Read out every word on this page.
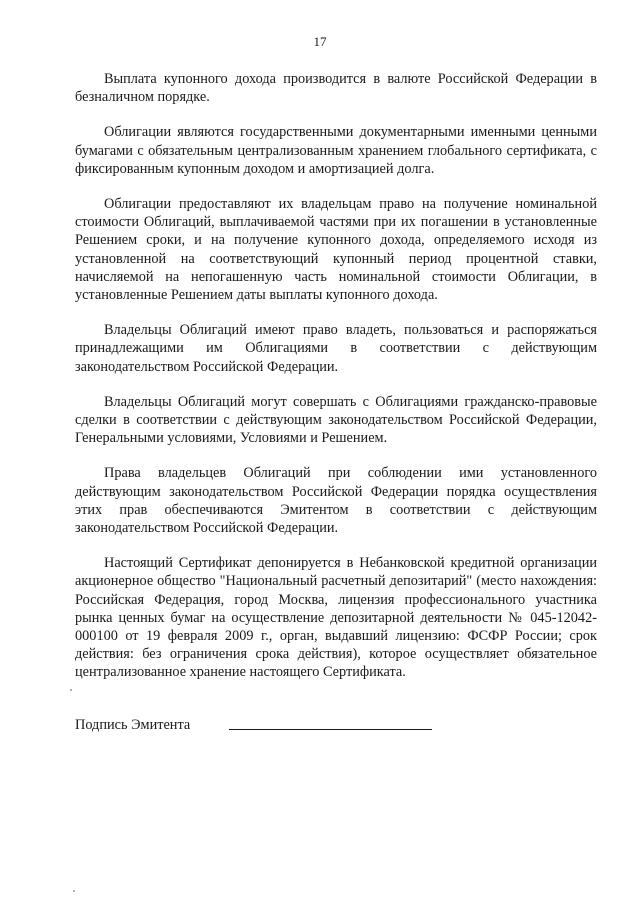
17

Выплата купонного дохода производится в валюте Российской Федерации в безналичном порядке.

Облигации являются государственными документарными именными ценными бумагами с обязательным централизованным хранением глобального сертификата, с фиксированным купонным доходом и амортизацией долга.

Облигации предоставляют их владельцам право на получение номинальной стоимости Облигаций, выплачиваемой частями при их погашении в установленные Решением сроки, и на получение купонного дохода, определяемого исходя из установленной на соответствующий купонный период процентной ставки, начисляемой на непогашенную часть номинальной стоимости Облигации, в установленные Решением даты выплаты купонного дохода.

Владельцы Облигаций имеют право владеть, пользоваться и распоряжаться принадлежащими им Облигациями в соответствии с действующим законодательством Российской Федерации.

Владельцы Облигаций могут совершать с Облигациями гражданско-правовые сделки в соответствии с действующим законодательством Российской Федерации, Генеральными условиями, Условиями и Решением.

Права владельцев Облигаций при соблюдении ими установленного действующим законодательством Российской Федерации порядка осуществления этих прав обеспечиваются Эмитентом в соответствии с действующим законодательством Российской Федерации.

Настоящий Сертификат депонируется в Небанковской кредитной организации акционерное общество "Национальный расчетный депозитарий" (место нахождения: Российская Федерация, город Москва, лицензия профессионального участника рынка ценных бумаг на осуществление депозитарной деятельности № 045-12042-000100 от 19 февраля 2009 г., орган, выдавший лицензию: ФСФР России; срок действия: без ограничения срока действия), которое осуществляет обязательное централизованное хранение настоящего Сертификата.

Подпись Эмитента
